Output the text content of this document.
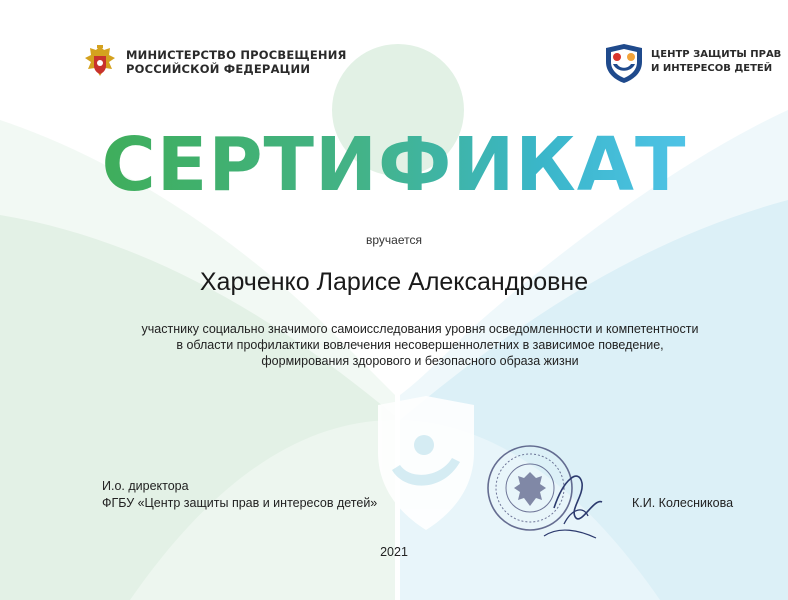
МИНИСТЕРСТВО ПРОСВЕЩЕНИЯ
РОССИЙСКОЙ ФЕДЕРАЦИИ
ЦЕНТР ЗАЩИТЫ ПРАВ
И ИНТЕРЕСОВ ДЕТЕЙ
СЕРТИФИКАТ
вручается
Харченко Ларисе Александровне
участнику социально значимого самоисследования уровня осведомленности и компетентности
в области профилактики вовлечения несовершеннолетних в зависимое поведение,
формирования здорового и безопасного образа жизни
И.о. директора
ФГБУ «Центр защиты прав и интересов детей»	К.И. Колесникова
2021
